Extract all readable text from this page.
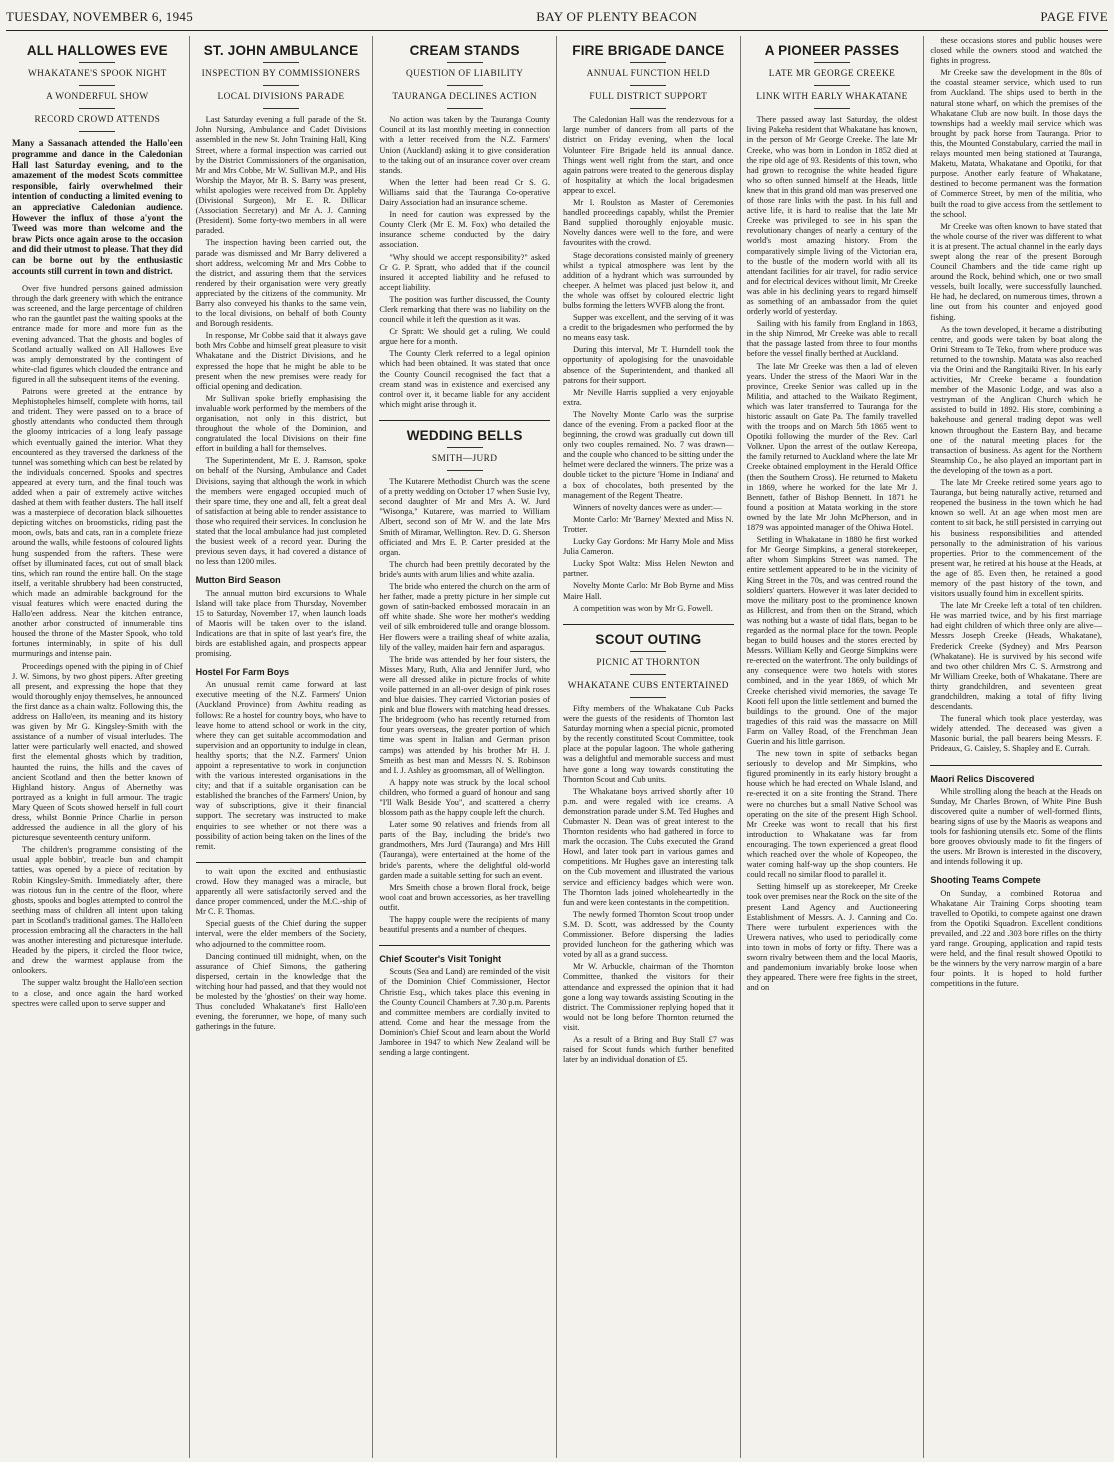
TUESDAY, NOVEMBER 6, 1945	BAY OF PLENTY BEACON	PAGE FIVE
ALL HALLOWES EVE
WHAKATANE'S SPOOK NIGHT
A WONDERFUL SHOW
RECORD CROWD ATTENDS
Many a Sassanach attended the Hallo'een programme and dance in the Caledonian Hall last Saturday evening, and to the amazement of the modest Scots committee responsible, fairly overwhelmed their intention of conducting a limited evening to an appreciative Caledonian audience. However the influx of those a'yont the Tweed was more than welcome and the braw Picts once again arose to the occasion and did their utmost to please. That they did can be borne out by the enthusiastic accounts still current in town and district.

Over five hundred persons gained admission through the dark greenery with which the entrance was screened, and the large percentage of children who ran the gauntlet past the waiting spooks at the entrance made for more and more fun as the evening advanced. That the ghosts and bogles of Scotland actually walked on All Hallowes Eve was amply demonstrated by the contingent of white-clad figures which clouded the entrance and figured in all the subsequent items of the evening.

Patrons were greeted at the entrance by Mephistopheles himself, complete with horns, tail and trident. They were passed on to a brace of ghostly attendants who conducted them through the gloomy intricacies of a long leafy passage which eventually gained the interior. What they encountered as they traversed the darkness of the tunnel was something which can best be related by the individuals concerned. Spooks and spectres appeared at every turn, and the final touch was added when a pair of extremely active witches dashed at them with feather dusters. The hall itself was a masterpiece of decoration black silhouettes depicting witches on broomsticks, riding past the moon, owls, bats and cats, ran in a complete frieze around the walls, while festoons of coloured lights hung suspended from the rafters. These were offset by illuminated faces, cut out of small black tins, which ran round the entire hall. On the stage itself, a veritable shrubbery had been constructed, which made an admirable background for the visual features which were enacted during the Hallo'een address. Near the kitchen entrance, another arbor constructed of innumerable tins housed the throne of the Master Spook, who told fortunes interminably, in spite of his dull murmurings and intense pain.

Proceedings opened with the piping in of Chief J. W. Simons, by two ghost pipers. After greeting all present, and expressing the hope that they would thoroughly enjoy themselves, he announced the first dance as a chain waltz. Following this, the address on Hallo'een, its meaning and its history was given by Mr G. Kingsley-Smith with the assistance of a number of visual interludes. The latter were particularly well enacted, and showed first the elemental ghosts which by tradition, haunted the ruins, the hills and the caves of ancient Scotland and then the better known of Highland history. Angus of Abernethy was portrayed as a knight in full armour. The tragic Mary Queen of Scots showed herself in full court dress, whilst Bonnie Prince Charlie in person addressed the audience in all the glory of his picturesque seventeenth century uniform.

The children's programme consisting of the usual apple bobbin', treacle bun and champit tatties, was opened by a piece of recitation by Robin Kingsley-Smith. Immediately after, there was riotous fun in the centre of the floor, where ghosts, spooks and bogles attempted to control the seething mass of children all intent upon taking part in Scotland's traditional games. The Hallo'een procession embracing all the characters in the hall was another interesting and picturesque interlude. Headed by the pipers, it circled the floor twice, and drew the warmest applause from the onlookers.

The supper waltz brought the Hallo'een section to a close, and once again the hard worked spectres were called upon to serve supper and

ST. JOHN AMBULANCE
INSPECTION BY COMMISSIONERS
LOCAL DIVISIONS PARADE

Last Saturday evening a full parade of the St. John Nursing, Ambulance and Cadet Divisions assembled in the new St. John Training Hall, King Street, where a formal inspection was carried out by the District Commissioners of the organisation, Mr and Mrs Cobbe, Mr W. Sullivan M.P., and His Worship the Mayor, Mr B. S. Barry was present, whilst apologies were received from Dr. Appleby (Divisional Surgeon), Mr E. R. Dillicar (Association Secretary) and Mr A. J. Canning (President). Some forty-two members in all were paraded.

The inspection having been carried out, the parade was dismissed and Mr Barry delivered a short address, welcoming Mr and Mrs Cobbe to the district, and assuring them that the services rendered by their organisation were very greatly appreciated by the citizens of the community. Mr Barry also conveyed his thanks to the same vein, to the local divisions, on behalf of both County and Borough residents.

In response, Mr Cobbe said that it always gave both Mrs Cobbe and himself great pleasure to visit Whakatane and the District Divisions, and he expressed the hope that he might be able to be present when the new premises were ready for official opening and dedication.

Mr Sullivan spoke briefly emphasising the invaluable work performed by the members of the organisation, not only in this district, but throughout the whole of the Dominion, and congratulated the local Divisions on their fine effort in building a hall for themselves.

The Superintendent, Mr E. J. Ramson, spoke on behalf of the Nursing, Ambulance and Cadet Divisions, saying that although the work in which the members were engaged occupied much of their spare time, they one and all, felt a great deal of satisfaction at being able to render assistance to those who required their services. In conclusion he stated that the local ambulance had just completed the busiest week of a record year. During the previous seven days, it had covered a distance of no less than 1200 miles.

Mutton Bird Season

The annual mutton bird excursions to Whale Island will take place from Thursday, November 15 to Saturday, November 17, when launch loads of Maoris will be taken over to the island. Indications are that in spite of last year's fire, the birds are established again, and prospects appear promising.

Hostel For Farm Boys

An unusual remit came forward at last executive meeting of the N.Z. Farmers' Union (Auckland Province) from Awhitu reading as follows: Re a hostel for country boys, who have to leave home to attend school or work in the city, where they can get suitable accommodation and supervision and an opportunity to indulge in clean, healthy sports; that the N.Z. Farmers' Union appoint a representative to work in conjunction with the various interested organisations in the city; and that if a suitable organisation can be established the branches of the Farmers' Union, by way of subscriptions, give it their financial support. The secretary was instructed to make enquiries to see whether or not there was a possibility of action being taken on the lines of the remit.

to wait upon the excited and enthusiastic crowd. How they managed was a miracle, but apparently all were satisfactorily served and the dance proper commenced, under the M.C.-ship of Mr C. F. Thomas.

Special guests of the Chief during the supper interval, were the elder members of the Society, who adjourned to the committee room.

Dancing continued till midnight, when, on the assurance of Chief Simons, the gathering dispersed, certain in the knowledge that the witching hour had passed, and that they would not be molested by the 'ghosties' on their way home. Thus concluded Whakatane's first Hallo'een evening, the forerunner, we hope, of many such gatherings in the future.

CREAM STANDS
QUESTION OF LIABILITY
TAURANGA DECLINES ACTION

No action was taken by the Tauranga County Council at its last monthly meeting in connection with a letter received from the N.Z. Farmers' Union (Auckland) asking it to give consideration to the taking out of an insurance cover over cream stands.

When the letter had been read Cr S. G. Williams said that the Tauranga Co-operative Dairy Association had an insurance scheme.

In need for caution was expressed by the County Clerk (Mr E. M. Fox) who detailed the insurance scheme conducted by the dairy association.

"Why should we accept responsibility?" asked Cr G. P. Spratt, who added that if the council insured it accepted liability and he refused to accept liability.

The position was further discussed, the County Clerk remarking that there was no liability on the council while it left the question as it was.

Cr Spratt: We should get a ruling. We could argue here for a month.

The County Clerk referred to a legal opinion which had been obtained. It was stated that once the County Council recognised the fact that a cream stand was in existence and exercised any control over it, it became liable for any accident which might arise through it.

WEDDING BELLS
SMITH—JURD

The Kutarere Methodist Church was the scene of a pretty wedding on October 17 when Susie Ivy, second daughter of Mr and Mrs A. W. Jurd "Wisonga," Kutarere, was married to William Albert, second son of Mr W. and the late Mrs Smith of Miramar, Wellington. Rev. D. G. Sherson officiated and Mrs E. P. Carter presided at the organ.

The church had been prettily decorated by the bride's aunts with arum lilies and white azalia.

The bride who entered the church on the arm of her father, made a pretty picture in her simple cut gown of satin-backed embossed moracain in an off white shade. She wore her mother's wedding veil of silk embroidered tulle and orange blossom. Her flowers were a trailing sheaf of white azalia, lily of the valley, maiden hair fern and asparagus.

The bride was attended by her four sisters, the Misses Mary, Ruth, Alia and Jennifer Jurd, who were all dressed alike in picture frocks of white voile patterned in an all-over design of pink roses and blue daisies. They carried Victorian posies of pink and blue flowers with matching head dresses. The bridegroom (who has recently returned from four years overseas, the greater portion of which time was spent in Italian and German prison camps) was attended by his brother Mr H. J. Smeith as best man and Messrs N. S. Robinson and I. J. Ashley as groomsman, all of Wellington.

A happy note was struck by the local school children, who formed a guard of honour and sang "I'll Walk Beside You", and scattered a cherry blossom path as the happy couple left the church.

Later some 90 relatives and friends from all parts of the Bay, including the bride's two grandmothers, Mrs Jurd (Tauranga) and Mrs Hill (Tauranga), were entertained at the home of the bride's parents, where the delightful old-world garden made a suitable setting for such an event.

Mrs Smeith chose a brown floral frock, beige wool coat and brown accessories, as her travelling outfit.

The happy couple were the recipients of many beautiful presents and a number of cheques.

Chief Scouter's Visit Tonight

Scouts (Sea and Land) are reminded of the visit of the Dominion Chief Commissioner, Hector Christie Esq., which takes place this evening in the County Council Chambers at 7.30 p.m. Parents and committee members are cordially invited to attend. Come and hear the message from the Dominion's Chief Scout and learn about the World Jamboree in 1947 to which New Zealand will be sending a large contingent.

FIRE BRIGADE DANCE
ANNUAL FUNCTION HELD
FULL DISTRICT SUPPORT

The Caledonian Hall was the rendezvous for a large number of dancers from all parts of the district on Friday evening, when the local Volunteer Fire Brigade held its annual dance. Things went well right from the start, and once again patrons were treated to the generous display of hospitality at which the local brigadesmen appear to excel.

Mr I. Roulston as Master of Ceremonies handled proceedings capably, whilst the Premier Band supplied thoroughly enjoyable music. Novelty dances were well to the fore, and were favourites with the crowd.

Stage decorations consisted mainly of greenery whilst a typical atmosphere was lent by the addition of a hydrant which was surrounded by cheeper. A helmet was placed just below it, and the whole was offset by coloured electric light bulbs forming the letters WVFB along the front.

Supper was excellent, and the serving of it was a credit to the brigadesmen who performed the by no means easy task.

During this interval, Mr T. Hurndell took the opportunity of apologising for the unavoidable absence of the Superintendent, and thanked all patrons for their support.

Mr Neville Harris supplied a very enjoyable extra.

The Novelty Monte Carlo was the surprise dance of the evening. From a packed floor at the beginning, the crowd was gradually cut down till only two couples remained. No. 7 was drawn—and the couple who chanced to be sitting under the helmet were declared the winners. The prize was a double ticket to the picture 'Home in Indiana' and a box of chocolates, both presented by the management of the Regent Theatre.

Winners of novelty dances were as under:—

Monte Carlo: Mr 'Barney' Mexted and Miss N. Trotter.

Lucky Gay Gordons: Mr Harry Mole and Miss Julia Cameron.

Lucky Spot Waltz: Miss Helen Newton and partner.

Novelty Monte Carlo: Mr Bob Byrne and Miss Maire Hall.

A competition was won by Mr G. Fowell.

SCOUT OUTING
PICNIC AT THORNTON
WHAKATANE CUBS ENTERTAINED

Fifty members of the Whakatane Cub Packs were the guests of the residents of Thornton last Saturday morning when a special picnic, promoted by the recently constituted Scout Committee, took place at the popular lagoon. The whole gathering was a delightful and memorable success and must have gone a long way towards constituting the Thornton Scout and Cub units.

The Whakatane boys arrived shortly after 10 p.m. and were regaled with ice creams. A demonstration parade under S.M. Ted Hughes and Cubmaster N. Dean was of great interest to the Thornton residents who had gathered in force to mark the occasion. The Cubs executed the Grand Howl, and later took part in various games and competitions. Mr Hughes gave an interesting talk on the Cub movement and illustrated the various service and efficiency badges which were won. The Thornton lads joined wholeheartedly in the fun and were keen contestants in the competition.

The newly formed Thornton Scout troop under S.M. D. Scott, was addressed by the County Commissioner. Before dispersing the ladies provided luncheon for the gathering which was voted by all as a grand success.

Mr W. Arbuckle, chairman of the Thornton Committee, thanked the visitors for their attendance and expressed the opinion that it had gone a long way towards assisting Scouting in the district. The Commissioner replying hoped that it would not be long before Thornton returned the visit.

As a result of a Bring and Buy Stall £7 was raised for Scout funds which further benefited later by an individual donation of £5.

A PIONEER PASSES
LATE MR GEORGE CREEKE
LINK WITH EARLY WHAKATANE

There passed away last Saturday, the oldest living Pakeha resident that Whakatane has known, in the person of Mr George Creeke. The late Mr Creeke, who was born in London in 1852 died at the ripe old age of 93. Residents of this town, who had grown to recognise the white headed figure who so often sunned himself at the Heads, little knew that in this grand old man was preserved one of those rare links with the past. In his full and active life, it is hard to realise that the late Mr Creeke was privileged to see in his span the revolutionary changes of nearly a century of the world's most amazing history. From the comparatively simple living of the Victorian era, to the bustle of the modern world with all its attendant facilities for air travel, for radio service and for electrical devices without limit, Mr Creeke was able in his declining years to regard himself as something of an ambassador from the quiet orderly world of yesterday.

Sailing with his family from England in 1863, in the ship Nimrod, Mr Creeke was able to recall that the passage lasted from three to four months before the vessel finally berthed at Auckland.

The late Mr Creeke was then a lad of eleven years. Under the stress of the Maori War in the province, Creeke Senior was called up in the Militia, and attached to the Waikato Regiment, which was later transferred to Tauranga for the historic assault on Gate Pa. The family travelled with the troops and on March 5th 1865 went to Opotiki following the murder of the Rev. Carl Volkner. Upon the arrest of the outlaw Kereopa, the family returned to Auckland where the late Mr Creeke obtained employment in the Herald Office (then the Southern Cross). He returned to Maketu in 1869, where he worked for the late Mr J. Bennett, father of Bishop Bennett. In 1871 he found a position at Matata working in the store owned by the late Mr John McPherson, and in 1879 was appointed manager of the Ohiwa Hotel.

Settling in Whakatane in 1880 he first worked for Mr George Simpkins, a general storekeeper, after whom Simpkins Street was named. The entire settlement appeared to be in the vicinity of King Street in the 70s, and was centred round the soldiers' quarters. However it was later decided to move the military post to the prominence known as Hillcrest, and from then on the Strand, which was nothing but a waste of tidal flats, began to be regarded as the normal place for the town. People began to build houses and the stores erected by Messrs. William Kelly and George Simpkins were re-erected on the waterfront. The only buildings of any consequence were two hotels with stores combined, and in the year 1869, of which Mr Creeke cherished vivid memories, the savage Te Kooti fell upon the little settlement and burned the buildings to the ground. One of the major tragedies of this raid was the massacre on Mill Farm on Valley Road, of the Frenchman Jean Guerin and his little garrison.

The new town in spite of setbacks began seriously to develop and Mr Simpkins, who figured prominently in its early history brought a house which he had erected on Whale Island, and re-erected it on a site fronting the Strand. There were no churches but a small Native School was operating on the site of the present High School. Mr Creeke was wont to recall that his first introduction to Whakatane was far from encouraging. The town experienced a great flood which reached over the whole of Kopeopeo, the water coming half-way up the shop counters. He could recall no similar flood to parallel it.

Setting himself up as storekeeper, Mr Creeke took over premises near the Rock on the site of the present Land Agency and Auctioneering Establishment of Messrs. A. J. Canning and Co. There were turbulent experiences with the Urewera natives, who used to periodically come into town in mobs of forty or fifty. There was a sworn rivalry between them and the local Maoris, and pandemonium invariably broke loose when they appeared. There were free fights in the street, and on

these occasions stores and public houses were closed while the owners stood and watched the fights in progress.

Mr Creeke saw the development in the 80s of the coastal steamer service, which used to run from Auckland. The ships used to berth in the natural stone wharf, on which the premises of the Whakatane Club are now built. In those days the townships had a weekly mail service which was brought by pack horse from Tauranga. Prior to this, the Mounted Constabulary, carried the mail in relays mounted men being stationed at Tauranga, Maketu, Matata, Whakatane and Opotiki, for that purpose. Another early feature of Whakatane, destined to become permanent was the formation of Commerce Street, by men of the militia, who built the road to give access from the settlement to the school.

Mr Creeke was often known to have stated that the whole course of the river was different to what it is at present. The actual channel in the early days swept along the rear of the present Borough Council Chambers and the tide came right up around the Rock, behind which, one or two small vessels, built locally, were successfully launched. He had, he declared, on numerous times, thrown a line out from his counter and enjoyed good fishing.

As the town developed, it became a distributing centre, and goods were taken by boat along the Orini Stream to Te Teko, from where produce was returned to the township. Matata was also reached via the Orini and the Rangitaiki River. In his early activities, Mr Creeke became a foundation member of the Masonic Lodge, and was also a vestryman of the Anglican Church which he assisted to build in 1892. His store, combining a bakehouse and general trading depot was well known throughout the Eastern Bay, and became one of the natural meeting places for the transaction of business. As agent for the Northern Steamship Co., he also played an important part in the developing of the town as a port.

The late Mr Creeke retired some years ago to Tauranga, but being naturally active, returned and reopened the business in the town which he had known so well. At an age when most men are content to sit back, he still persisted in carrying out his business responsibilities and attended personally to the administration of his various properties. Prior to the commencement of the present war, he retired at his house at the Heads, at the age of 85. Even then, he retained a good memory of the past history of the town, and visitors usually found him in excellent spirits.

The late Mr Creeke left a total of ten children. He was married twice, and by his first marriage had eight children of which three only are alive—Messrs Joseph Creeke (Heads, Whakatane), Frederick Creeke (Sydney) and Mrs Pearson (Whakatane). He is survived by his second wife and two other children Mrs C. S. Armstrong and Mr William Creeke, both of Whakatane. There are thirty grandchildren, and seventeen great grandchildren, making a total of fifty living descendants.

The funeral which took place yesterday, was widely attended. The deceased was given a Masonic burial, the pall bearers being Messrs. F. Prideaux, G. Caisley, S. Shapley and E. Currah.

Maori Relics Discovered

While strolling along the beach at the Heads on Sunday, Mr Charles Brown, of White Pine Bush discovered quite a number of well-formed flints, bearing signs of use by the Maoris as weapons and tools for fashioning utensils etc. Some of the flints bore grooves obviously made to fit the fingers of the users. Mr Brown is interested in the discovery, and intends following it up.

Shooting Teams Compete

On Sunday, a combined Rotorua and Whakatane Air Training Corps shooting team travelled to Opotiki, to compete against one drawn from the Opotiki Squadron. Excellent conditions prevailed, and .22 and .303 bore rifles on the thirty yard range. Grouping, application and rapid tests were held, and the final result showed Opotiki to be the winners by the very narrow margin of a bare four points. It is hoped to hold further competitions in the future.
